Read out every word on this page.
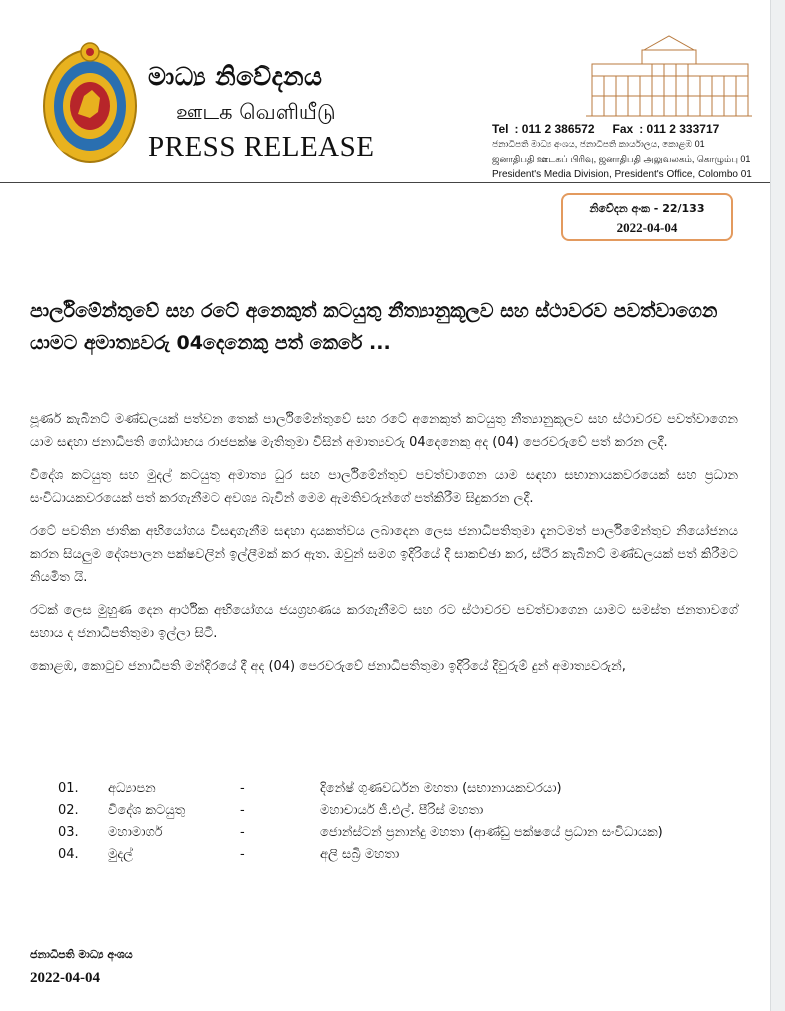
මාධ්‍ය නිවේදනය
ஊடக வெளியீடு
PRESS RELEASE
Tel : 011 2 386572 Fax : 011 2 333717
ජනාධිපති මාධ්‍ය අංශය, ජනාධිපති කාර්යාලය, කොළඹ 01
ஜனாதிபதி ஊடகப் பிரிவு, ஜனாதிபதி அலுவலகம், கொழும்பு 01
President's Media Division, President's Office, Colombo 01
නිවේදන අංක - 22/133
2022-04-04
පාර්ලිමේන්තුවේ සහ රටේ අනෙකුත් කටයුතු නීත්‍යානුකූලව සහ ස්ථාවරව පවත්වාගෙන යාමට අමාත්‍යවරු 04දෙනෙකු පත් කෙරේ ...

පූර්ණ කැබිනට් මණ්ඩලයක් පත්වන තෙක් පාර්ලිමේන්තුවේ සහ රටේ අනෙකුත් කටයුතු නීත්‍යානුකූලව සහ ස්ථාවරව පවත්වාගෙන යාම සඳහා ජනාධිපති ගෝඨාභය රාජපක්ෂ මැතිතුමා විසින් අමාත්‍යවරු 04දෙනෙකු අද (04) පෙරවරුවේ පත් කරන ලදී.

විදේශ කටයුතු සහ මුදල් කටයුතු අමාත්‍ය ධුර සහ පාර්ලිමේන්තුව පවත්වාගෙන යාම සඳහා සභානායකවරයෙක් සහ ප්‍රධාන සංවිධායකවරයෙක් පත් කරගැනීමට අවශ්‍ය බැවින් මෙම ඇමතිවරුන්ගේ පත්කිරීම සිදුකරන ලදී.

රටේ පවතින ජාතික අභියෝගය විසඳාගැනීම සඳහා දායකත්වය ලබාදෙන ලෙස ජනාධිපතිතුමා දැනටමත් පාර්ලිමේන්තුව නියෝජනය කරන සියලුම දේශපාලන පක්ෂවලින් ඉල්ලීමක් කර ඇත. ඔවුන් සමග ඉදිරියේ දී සාකච්ඡා කර, ස්ථිර කැබිනට් මණ්ඩලයක් පත් කිරීමට නියමිත යි.

රටක් ලෙස මුහුණ දෙන ආර්ථික අභියෝගය ජයග්‍රහණය කරගැනීමට සහ රට ස්ථාවරව පවත්වාගෙන යාමට සමස්ත ජනතාවගේ සහාය ද ජනාධිපතිතුමා ඉල්ලා සිටී.

කොළඹ, කොටුව ජනාධිපති මන්දිරයේ දී අද (04) පෙරවරුවේ ජනාධිපතිතුමා ඉදිරියේ දිවුරුම් දුන් අමාත්‍යවරුන්,

01.	අධ්‍යාපන	-	දිනේෂ් ගුණවර්ධන මහතා (සභානායකවරයා)
02.	විදේශ කටයුතු	-	මහාචාර්ය ජී.එල්. පීරිස් මහතා
03.	මහාමාර්ග	-	ජොන්ස්ටන් ප්‍රනාන්දු මහතා (ආණ්ඩු පක්ෂයේ ප්‍රධාන සංවිධායක)
04.	මුදල්	-	අලි සබ්‍රි මහතා
ජනාධිපති මාධ්‍ය අංශය
2022-04-04
